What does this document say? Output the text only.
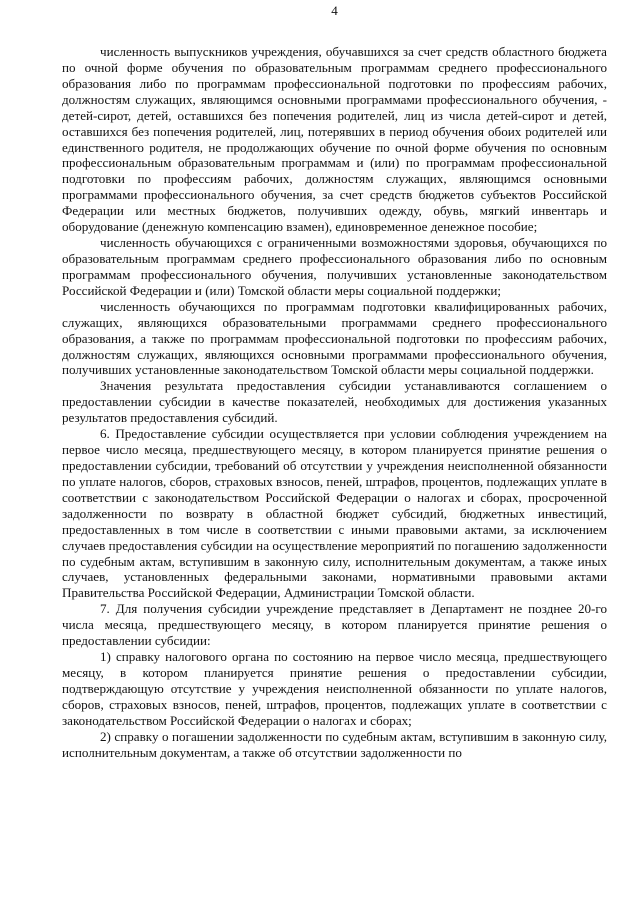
4

численность выпускников учреждения, обучавшихся за счет средств областного бюджета по очной форме обучения по образовательным программам среднего профессионального образования либо по программам профессиональной подготовки по профессиям рабочих, должностям служащих, являющимся основными программами профессионального обучения, - детей-сирот, детей, оставшихся без попечения родителей, лиц из числа детей-сирот и детей, оставшихся без попечения родителей, лиц, потерявших в период обучения обоих родителей или единственного родителя, не продолжающих обучение по очной форме обучения по основным профессиональным образовательным программам и (или) по программам профессиональной подготовки по профессиям рабочих, должностям служащих, являющимся основными программами профессионального обучения, за счет средств бюджетов субъектов Российской Федерации или местных бюджетов, получивших одежду, обувь, мягкий инвентарь и оборудование (денежную компенсацию взамен), единовременное денежное пособие;

численность обучающихся с ограниченными возможностями здоровья, обучающихся по образовательным программам среднего профессионального образования либо по основным программам профессионального обучения, получивших установленные законодательством Российской Федерации и (или) Томской области меры социальной поддержки;

численность обучающихся по программам подготовки квалифицированных рабочих, служащих, являющихся образовательными программами среднего профессионального образования, а также по программам профессиональной подготовки по профессиям рабочих, должностям служащих, являющихся основными программами профессионального обучения, получивших установленные законодательством Томской области меры социальной поддержки.

Значения результата предоставления субсидии устанавливаются соглашением о предоставлении субсидии в качестве показателей, необходимых для достижения указанных результатов предоставления субсидий.

6. Предоставление субсидии осуществляется при условии соблюдения учреждением на первое число месяца, предшествующего месяцу, в котором планируется принятие решения о предоставлении субсидии, требований об отсутствии у учреждения неисполненной обязанности по уплате налогов, сборов, страховых взносов, пеней, штрафов, процентов, подлежащих уплате в соответствии с законодательством Российской Федерации о налогах и сборах, просроченной задолженности по возврату в областной бюджет субсидий, бюджетных инвестиций, предоставленных в том числе в соответствии с иными правовыми актами, за исключением случаев предоставления субсидии на осуществление мероприятий по погашению задолженности по судебным актам, вступившим в законную силу, исполнительным документам, а также иных случаев, установленных федеральными законами, нормативными правовыми актами Правительства Российской Федерации, Администрации Томской области.

7. Для получения субсидии учреждение представляет в Департамент не позднее 20-го числа месяца, предшествующего месяцу, в котором планируется принятие решения о предоставлении субсидии:

1) справку налогового органа по состоянию на первое число месяца, предшествующего месяцу, в котором планируется принятие решения о предоставлении субсидии, подтверждающую отсутствие у учреждения неисполненной обязанности по уплате налогов, сборов, страховых взносов, пеней, штрафов, процентов, подлежащих уплате в соответствии с законодательством Российской Федерации о налогах и сборах;

2) справку о погашении задолженности по судебным актам, вступившим в законную силу, исполнительным документам, а также об отсутствии задолженности по
